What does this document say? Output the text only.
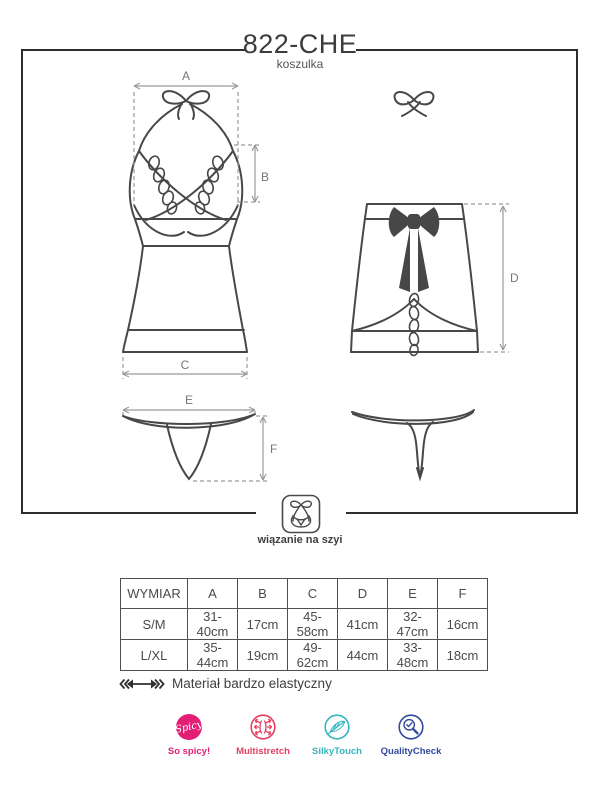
A
B
C
D
E
F
822-CHE
koszulka
wiązanie na szyi
WYMIAR	A	B	C	D	E	F
S/M	31-40cm	17cm	45-58cm	41cm	32-47cm	16cm
L/XL	35-44cm	19cm	49-62cm	44cm	33-48cm	18cm
Materiał bardzo elastyczny
Spicy
So spicy!	Multistretch SilkyTouch QualityCheck
